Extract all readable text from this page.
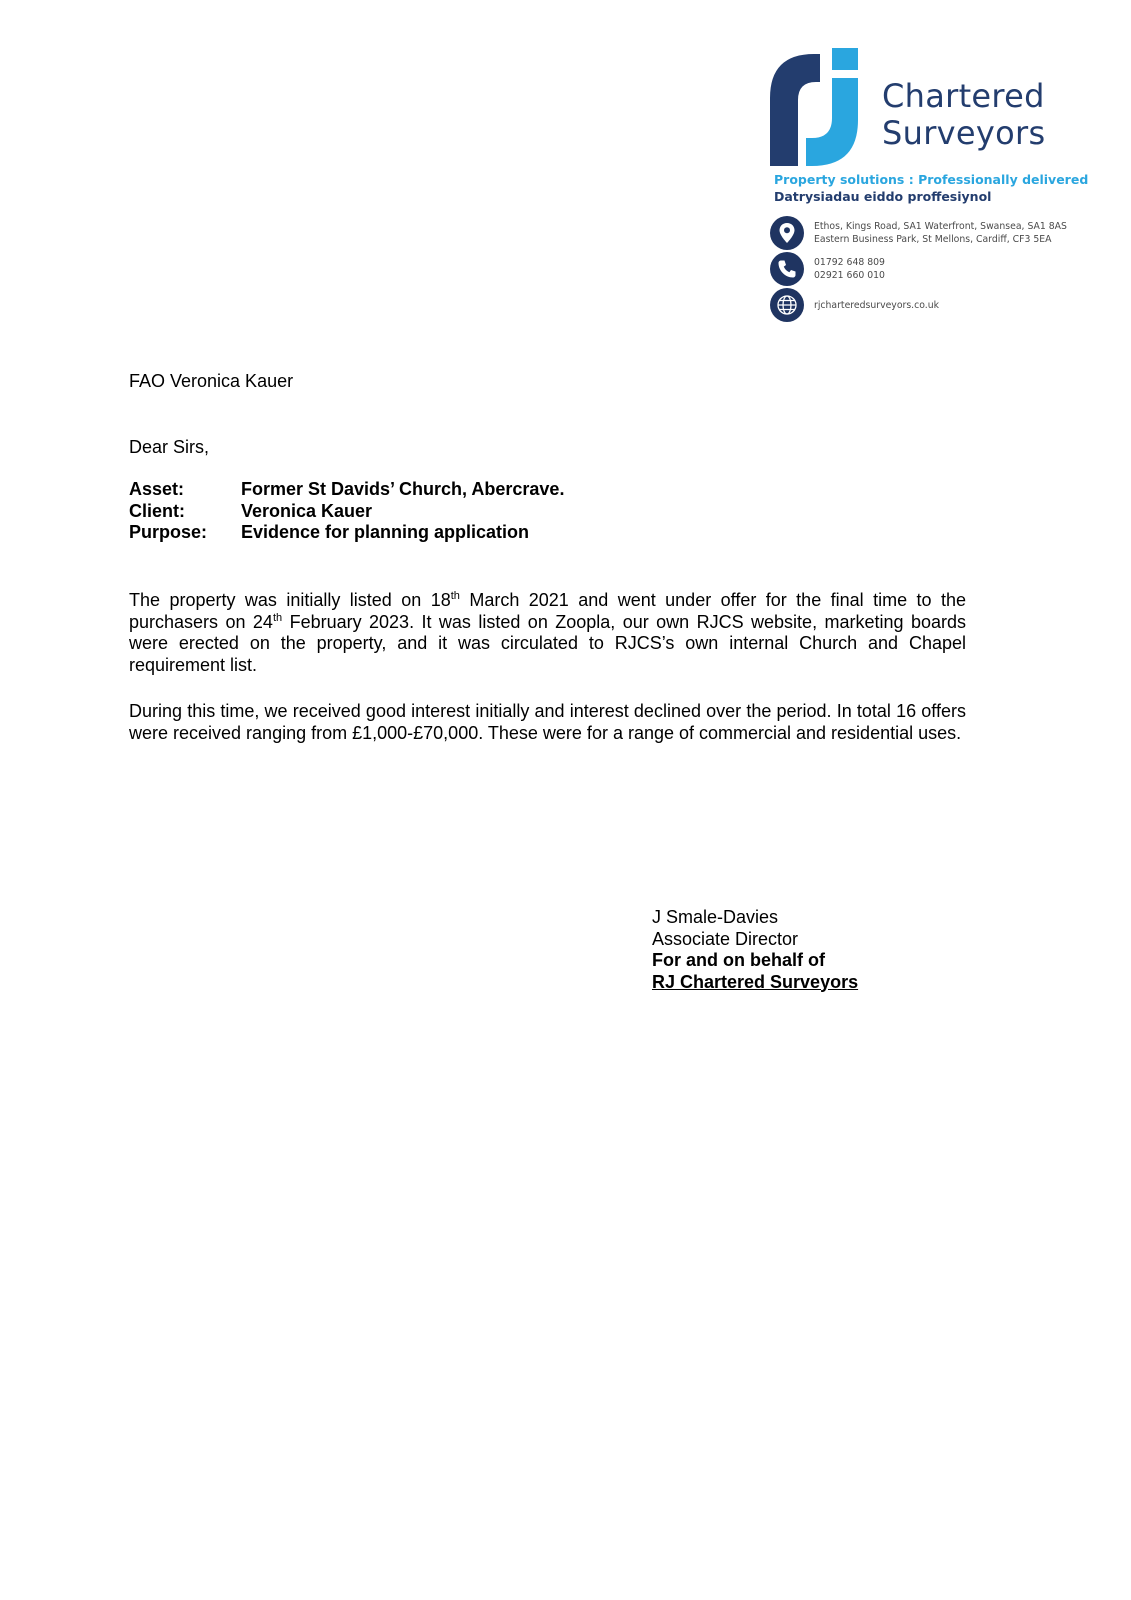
Chartered
Surveyors
Property solutions : Professionally delivered
Datrysiadau eiddo proffesiynol
Ethos, Kings Road, SA1 Waterfront, Swansea, SA1 8AS
Eastern Business Park, St Mellons, Cardiff, CF3 5EA
01792 648 809
02921 660 010
rjcharteredsurveyors.co.uk
FAO Veronica Kauer
Dear Sirs,
Asset:	Former St Davids’ Church, Abercrave.
Client:	Veronica Kauer
Purpose:	Evidence for planning application
The property was initially listed on 18th March 2021 and went under offer for the final time to the purchasers on 24th February 2023. It was listed on Zoopla, our own RJCS website, marketing boards were erected on the property, and it was circulated to RJCS’s own internal Church and Chapel requirement list.
During this time, we received good interest initially and interest declined over the period. In total 16 offers were received ranging from £1,000-£70,000. These were for a range of commercial and residential uses.
J Smale-Davies
Associate Director
For and on behalf of
RJ Chartered Surveyors
